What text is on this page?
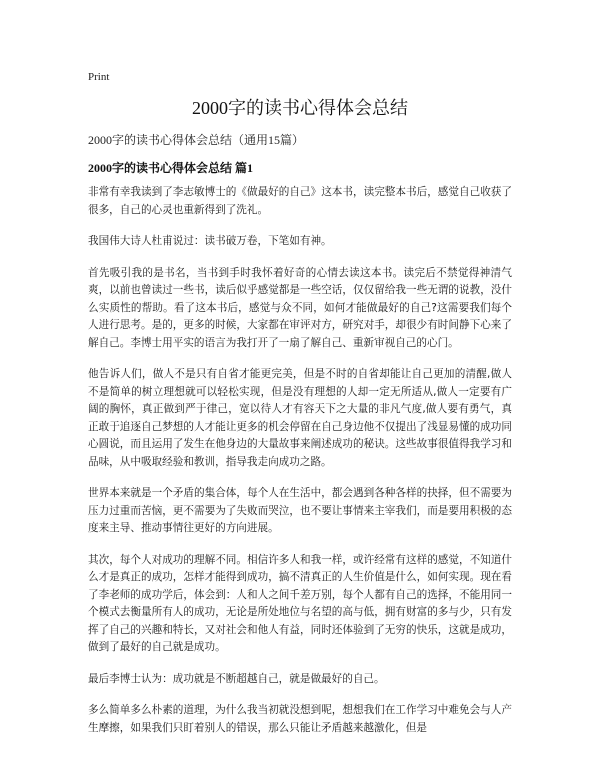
Print
2000字的读书心得体会总结
2000字的读书心得体会总结（通用15篇）
2000字的读书心得体会总结 篇1

非常有幸我读到了李志敏博士的《做最好的自己》这本书，读完整本书后，感觉自己收获了很多，自己的心灵也重新得到了洗礼。

我国伟大诗人杜甫说过：读书破万卷，下笔如有神。

首先吸引我的是书名，当书到手时我怀着好奇的心情去读这本书。读完后不禁觉得神清气爽，以前也曾读过一些书，读后似乎感觉都是一些空话，仅仅留给我一些无谓的说教，没什么实质性的帮助。看了这本书后，感觉与众不同，如何才能做最好的自己?这需要我们每个人进行思考。是的，更多的时候，大家都在审评对方，研究对手，却很少有时间静下心来了解自己。李博士用平实的语言为我打开了一扇了解自己、重新审视自己的心门。

他告诉人们，做人不是只有自省才能更完美，但是不时的自省却能让自己更加的清醒,做人不是简单的树立理想就可以轻松实现，但是没有理想的人却一定无所适从,做人一定要有广阔的胸怀，真正做到严于律己，宽以待人才有容天下之大量的非凡气度,做人要有勇气，真正敢于追逐自己梦想的人才能让更多的机会停留在自己身边他不仅提出了浅显易懂的成功同心圆说，而且运用了发生在他身边的大量故事来阐述成功的秘诀。这些故事很值得我学习和品味，从中吸取经验和教训，指导我走向成功之路。

世界本来就是一个矛盾的集合体，每个人在生活中，都会遇到各种各样的抉择，但不需要为压力过重而苦恼，更不需要为了失败而哭泣，也不要让事情来主宰我们，而是要用积极的态度来主导、推动事情往更好的方向进展。

其次，每个人对成功的理解不同。相信许多人和我一样，或许经常有这样的感觉，不知道什么才是真正的成功，怎样才能得到成功，搞不清真正的人生价值是什么，如何实现。现在看了李老师的成功学后，体会到：人和人之间千差万别，每个人都有自己的选择，不能用同一个模式去衡量所有人的成功，无论是所处地位与名望的高与低，拥有财富的多与少，只有发挥了自己的兴趣和特长，又对社会和他人有益，同时还体验到了无穷的快乐，这就是成功，做到了最好的自己就是成功。

最后李博士认为：成功就是不断超越自己，就是做最好的自己。

多么简单多么朴素的道理，为什么我当初就没想到呢，想想我们在工作学习中难免会与人产生摩擦，如果我们只盯着别人的错误，那么只能让矛盾越来越激化，但是
